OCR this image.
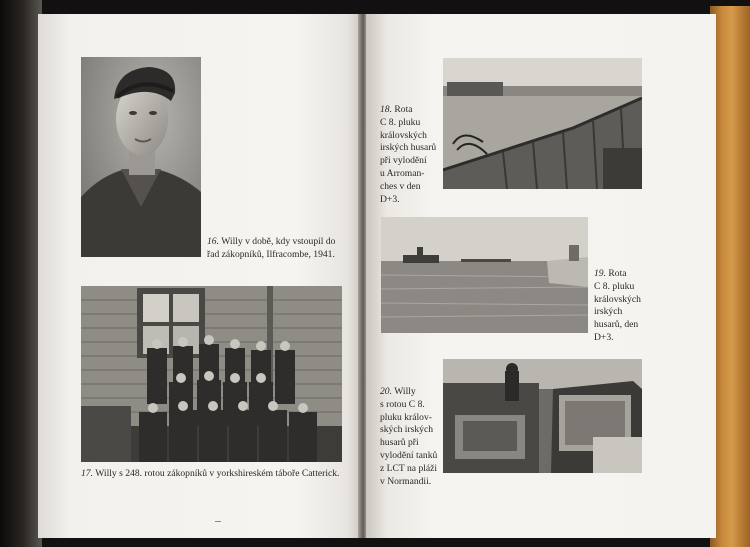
16. Willy v době, kdy vstoupil do řad zákopníků, Ilfracombe, 1941.
17. Willy s 248. rotou zákopníků v yorkshireském táboře Catterick.
18. Rota
C 8. pluku
královských
irských husarů
při vylodění
u Arroman-
ches v den
D+3.
19. Rota
C 8. pluku
královských
irských
husarů, den
D+3.
20. Willy
s rotou C 8.
pluku králov-
ských irských
husarů při
vylodění tanků
z LCT na pláži
v Normandii.
